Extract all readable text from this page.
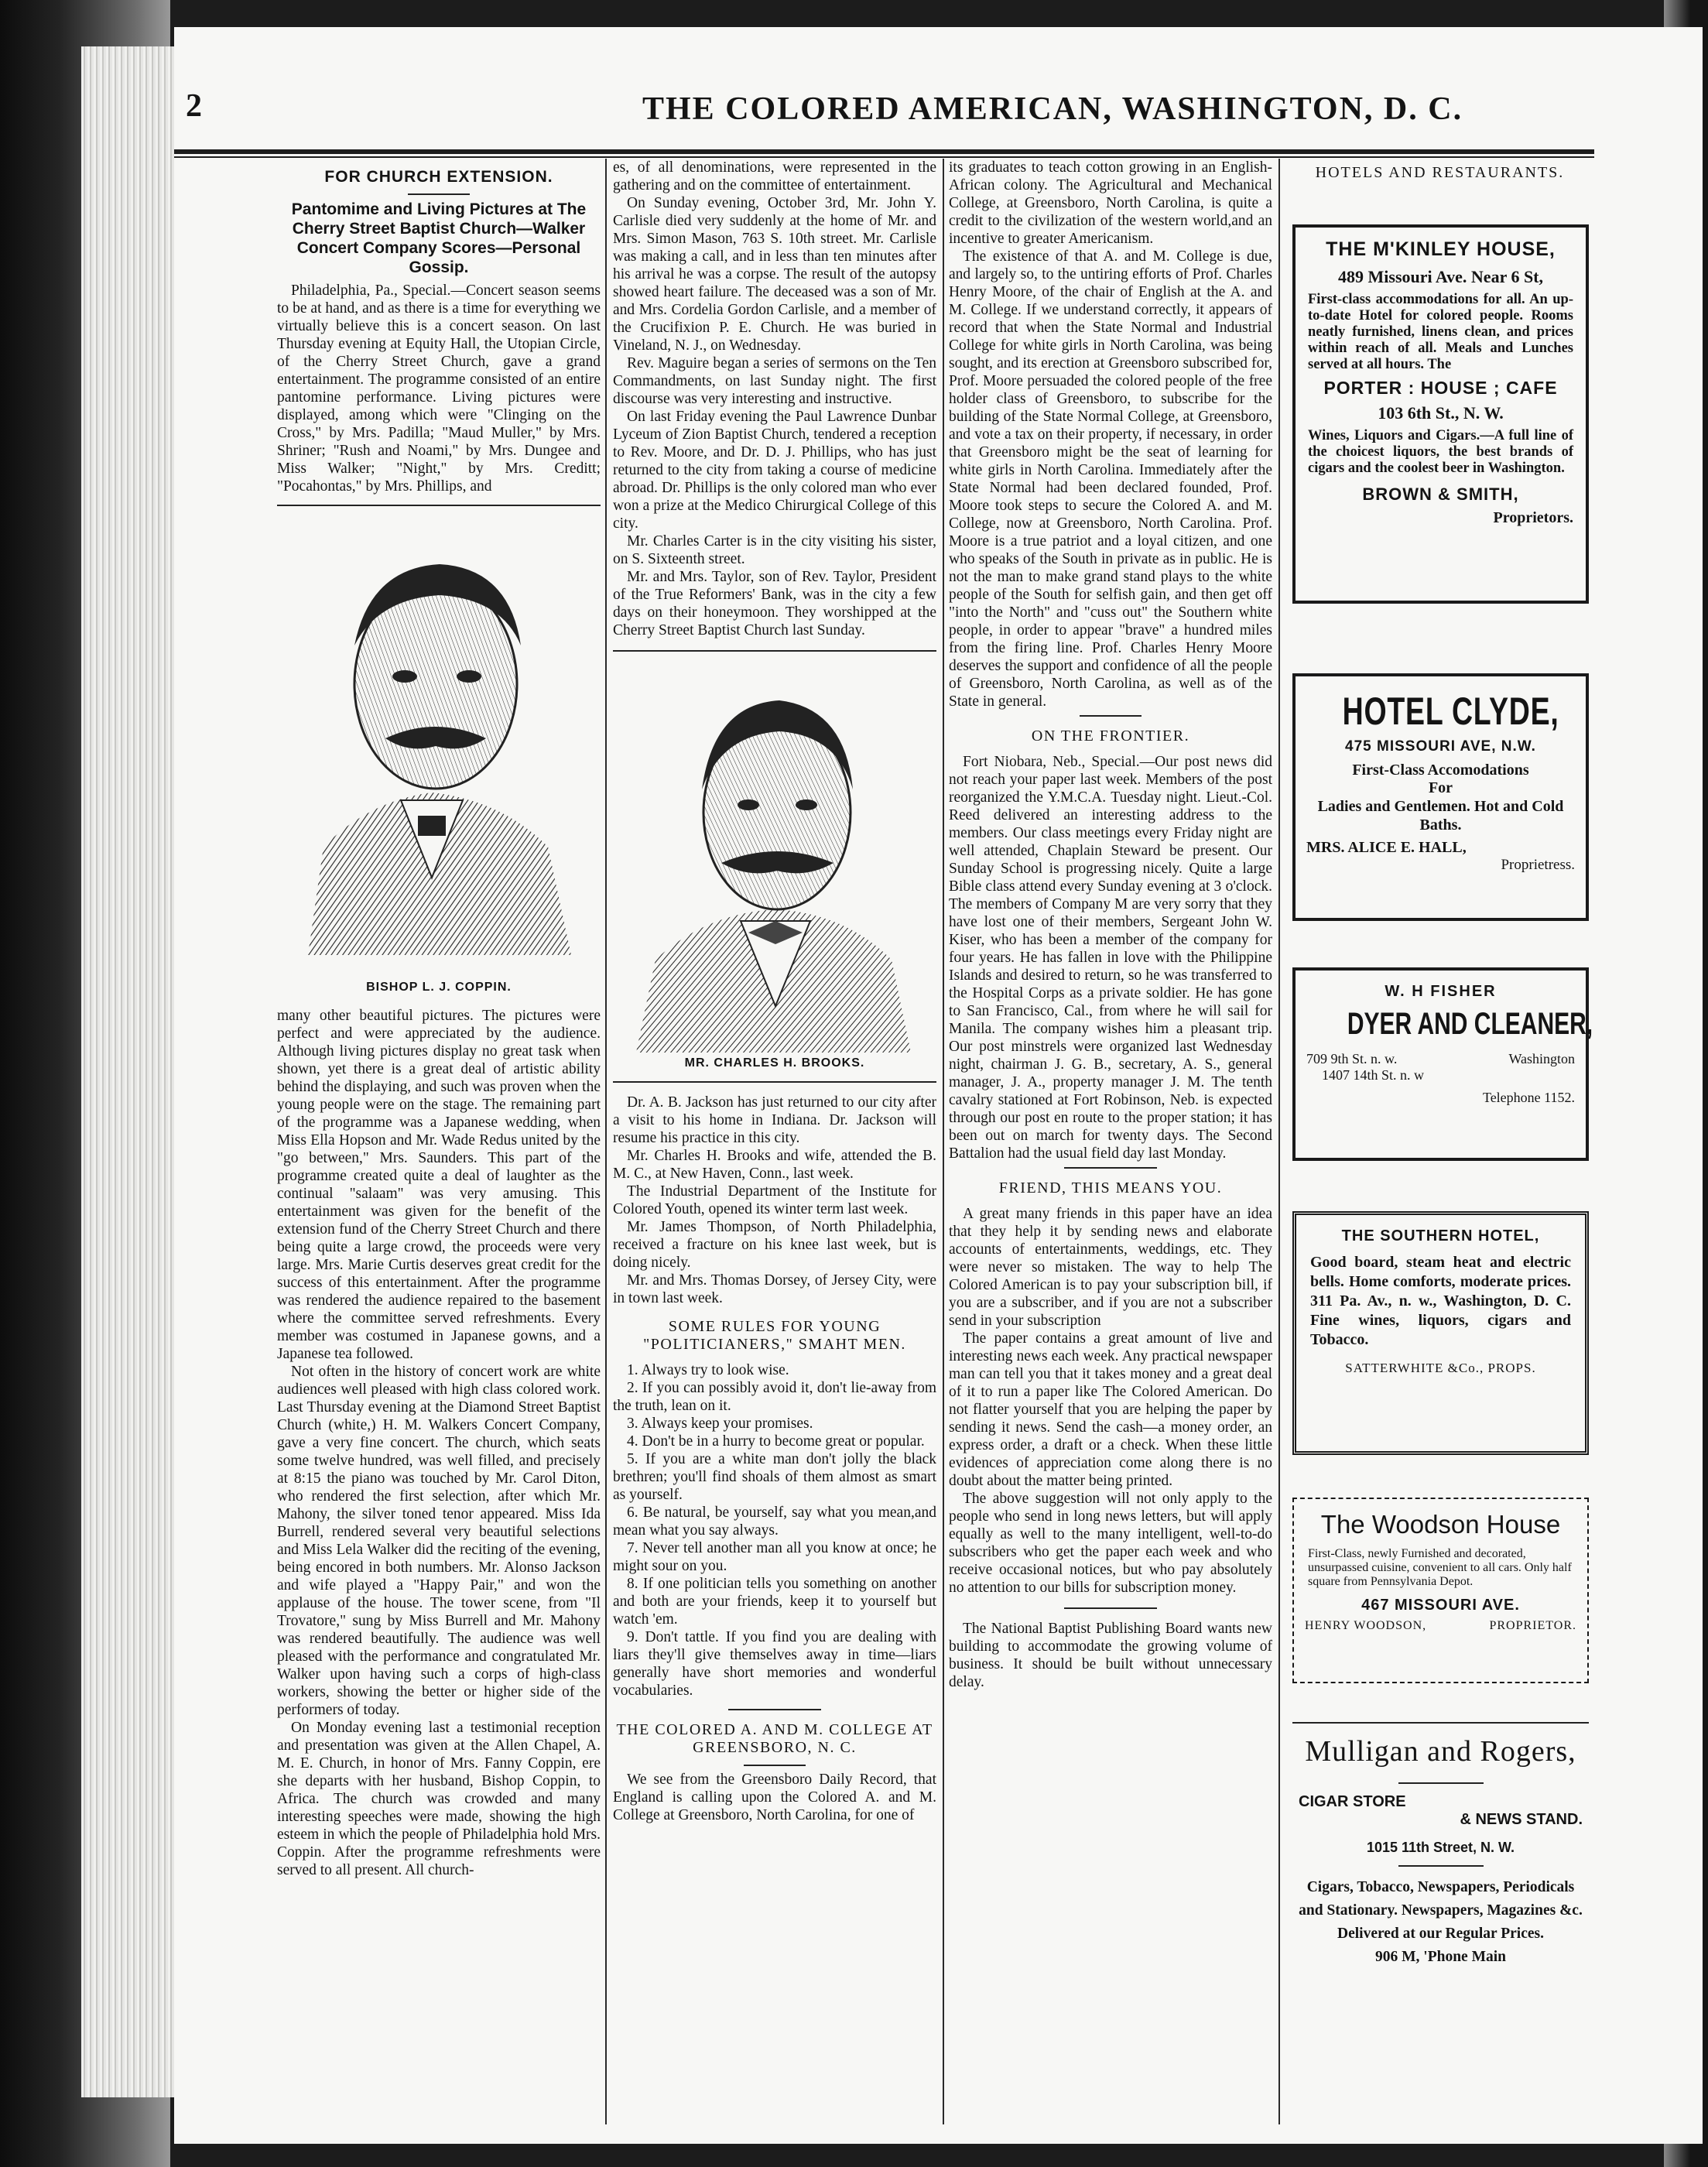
2	THE COLORED AMERICAN, WASHINGTON, D. C.
FOR CHURCH EXTENSION.
Pantomime and Living Pictures at The Cherry Street Baptist Church—Walker Concert Company Scores—Personal Gossip.

Philadelphia, Pa., Special.—Concert season seems to be at hand, and as there is a time for everything we virtually believe this is a concert season. On last Thursday evening at Equity Hall, the Utopian Circle, of the Cherry Street Church, gave a grand entertainment. The programme consisted of an entire pantomine performance. Living pictures were displayed, among which were "Clinging on the Cross," by Mrs. Padilla; "Maud Muller," by Mrs. Shriner; "Rush and Noami," by Mrs. Dungee and Miss Walker; "Night," by Mrs. Creditt; "Pocahontas," by Mrs. Phillips, and

BISHOP L. J. COPPIN.

many other beautiful pictures. The pictures were perfect and were appreciated by the audience. Although living pictures display no great task when shown, yet there is a great deal of artistic ability behind the displaying, and such was proven when the young people were on the stage. The remaining part of the programme was a Japanese wedding, when Miss Ella Hopson and Mr. Wade Redus united by the "go between," Mrs. Saunders. This part of the programme created quite a deal of laughter as the continual "salaam" was very amusing. This entertainment was given for the benefit of the extension fund of the Cherry Street Church and there being quite a large crowd, the proceeds were very large. Mrs. Marie Curtis deserves great credit for the success of this entertainment. After the programme was rendered the audience repaired to the basement where the committee served refreshments. Every member was costumed in Japanese gowns, and a Japanese tea followed.

Not often in the history of concert work are white audiences well pleased with high class colored work. Last Thursday evening at the Diamond Street Baptist Church (white,) H. M. Walkers Concert Company, gave a very fine concert. The church, which seats some twelve hundred, was well filled, and precisely at 8:15 the piano was touched by Mr. Carol Diton, who rendered the first selection, after which Mr. Mahony, the silver toned tenor appeared. Miss Ida Burrell, rendered several very beautiful selections and Miss Lela Walker did the reciting of the evening, being encored in both numbers. Mr. Alonso Jackson and wife played a "Happy Pair," and won the applause of the house. The tower scene, from "Il Trovatore," sung by Miss Burrell and Mr. Mahony was rendered beautifully. The audience was well pleased with the performance and congratulated Mr. Walker upon having such a corps of high-class workers, showing the better or higher side of the performers of today.

On Monday evening last a testimonial reception and presentation was given at the Allen Chapel, A. M. E. Church, in honor of Mrs. Fanny Coppin, ere she departs with her husband, Bishop Coppin, to Africa. The church was crowded and many interesting speeches were made, showing the high esteem in which the people of Philadelphia hold Mrs. Coppin. After the programme refreshments were served to all present. All church-

es, of all denominations, were represented in the gathering and on the committee of entertainment.

On Sunday evening, October 3rd, Mr. John Y. Carlisle died very suddenly at the home of Mr. and Mrs. Simon Mason, 763 S. 10th street. Mr. Carlisle was making a call, and in less than ten minutes after his arrival he was a corpse. The result of the autopsy showed heart failure. The deceased was a son of Mr. and Mrs. Cordelia Gordon Carlisle, and a member of the Crucifixion P. E. Church. He was buried in Vineland, N. J., on Wednesday.

Rev. Maguire began a series of sermons on the Ten Commandments, on last Sunday night. The first discourse was very interesting and instructive.

On last Friday evening the Paul Lawrence Dunbar Lyceum of Zion Baptist Church, tendered a reception to Rev. Moore, and Dr. D. J. Phillips, who has just returned to the city from taking a course of medicine abroad. Dr. Phillips is the only colored man who ever won a prize at the Medico Chirurgical College of this city.

Mr. Charles Carter is in the city visiting his sister, on S. Sixteenth street.

Mr. and Mrs. Taylor, son of Rev. Taylor, President of the True Reformers' Bank, was in the city a few days on their honeymoon. They worshipped at the Cherry Street Baptist Church last Sunday.

MR. CHARLES H. BROOKS.

Dr. A. B. Jackson has just returned to our city after a visit to his home in Indiana. Dr. Jackson will resume his practice in this city.

Mr. Charles H. Brooks and wife, attended the B. M. C., at New Haven, Conn., last week.

The Industrial Department of the Institute for Colored Youth, opened its winter term last week.

Mr. James Thompson, of North Philadelphia, received a fracture on his knee last week, but is doing nicely.

Mr. and Mrs. Thomas Dorsey, of Jersey City, were in town last week.

SOME RULES FOR YOUNG "POLITICIANERS," SMAHT MEN.

1. Always try to look wise.

2. If you can possibly avoid it, don't lie-away from the truth, lean on it.

3. Always keep your promises.

4. Don't be in a hurry to become great or popular.

5. If you are a white man don't jolly the black brethren; you'll find shoals of them almost as smart as yourself.

6. Be natural, be yourself, say what you mean,and mean what you say always.

7. Never tell another man all you know at once; he might sour on you.

8. If one politician tells you something on another and both are your friends, keep it to yourself but watch 'em.

9. Don't tattle. If you find you are dealing with liars they'll give themselves away in time—liars generally have short memories and wonderful vocabularies.

THE COLORED A. AND M. COLLEGE AT GREENSBORO, N. C.

We see from the Greensboro Daily Record, that England is calling upon the Colored A. and M. College at Greensboro, North Carolina, for one of

its graduates to teach cotton growing in an English-African colony. The Agricultural and Mechanical College, at Greensboro, North Carolina, is quite a credit to the civilization of the western world,and an incentive to greater Americanism.

The existence of that A. and M. College is due, and largely so, to the untiring efforts of Prof. Charles Henry Moore, of the chair of English at the A. and M. College. If we understand correctly, it appears of record that when the State Normal and Industrial College for white girls in North Carolina, was being sought, and its erection at Greensboro subscribed for, Prof. Moore persuaded the colored people of the free holder class of Greensboro, to subscribe for the building of the State Normal College, at Greensboro, and vote a tax on their property, if necessary, in order that Greensboro might be the seat of learning for white girls in North Carolina. Immediately after the State Normal had been declared founded, Prof. Moore took steps to secure the Colored A. and M. College, now at Greensboro, North Carolina. Prof. Moore is a true patriot and a loyal citizen, and one who speaks of the South in private as in public. He is not the man to make grand stand plays to the white people of the South for selfish gain, and then get off "into the North" and "cuss out" the Southern white people, in order to appear "brave" a hundred miles from the firing line. Prof. Charles Henry Moore deserves the support and confidence of all the people of Greensboro, North Carolina, as well as of the State in general.

ON THE FRONTIER.

Fort Niobara, Neb., Special.—Our post news did not reach your paper last week. Members of the post reorganized the Y.M.C.A. Tuesday night. Lieut.-Col. Reed delivered an interesting address to the members. Our class meetings every Friday night are well attended, Chaplain Steward be present. Our Sunday School is progressing nicely. Quite a large Bible class attend every Sunday evening at 3 o'clock. The members of Company M are very sorry that they have lost one of their members, Sergeant John W. Kiser, who has been a member of the company for four years. He has fallen in love with the Philippine Islands and desired to return, so he was transferred to the Hospital Corps as a private soldier. He has gone to San Francisco, Cal., from where he will sail for Manila. The company wishes him a pleasant trip. Our post minstrels were organized last Wednesday night, chairman J. G. B., secretary, A. S., general manager, J. A., property manager J. M. The tenth cavalry stationed at Fort Robinson, Neb. is expected through our post en route to the proper station; it has been out on march for twenty days. The Second Battalion had the usual field day last Monday.

FRIEND, THIS MEANS YOU.

A great many friends in this paper have an idea that they help it by sending news and elaborate accounts of entertainments, weddings, etc. They were never so mistaken. The way to help The Colored American is to pay your subscription bill, if you are a subscriber, and if you are not a subscriber send in your subscription

The paper contains a great amount of live and interesting news each week. Any practical newspaper man can tell you that it takes money and a great deal of it to run a paper like The Colored American. Do not flatter yourself that you are helping the paper by sending it news. Send the cash—a money order, an express order, a draft or a check. When these little evidences of appreciation come along there is no doubt about the matter being printed.

The above suggestion will not only apply to the people who send in long news letters, but will apply equally as well to the many intelligent, well-to-do subscribers who get the paper each week and who receive occasional notices, but who pay absolutely no attention to our bills for subscription money.

The National Baptist Publishing Board wants new building to accommodate the growing volume of business. It should be built without unnecessary delay.

HOTELS AND RESTAURANTS.
THE M'KINLEY HOUSE,
489 Missouri Ave. Near 6 St,
First-class accommodations for all. An up-to-date Hotel for colored people. Rooms neatly furnished, linens clean, and prices within reach of all. Meals and Lunches served at all hours. The
PORTER : HOUSE ; CAFE
103 6th St., N. W.
Wines, Liquors and Cigars.—A full line of the choicest liquors, the best brands of cigars and the coolest beer in Washington.
BROWN & SMITH,
Proprietors.
HOTEL CLYDE,
475 MISSOURI AVE, N.W.
First-Class Accomodations
For
Ladies and Gentlemen. Hot and Cold Baths.
MRS. ALICE E. HALL,
Proprietress.
W. H FISHER
DYER AND CLEANER,
709 9th St. n. w.	Washington
1407 14th St. n. w
Telephone 1152.
THE SOUTHERN HOTEL,
Good board, steam heat and electric bells. Home comforts, moderate prices. 311 Pa. Av., n. w., Washington, D. C. Fine wines, liquors, cigars and Tobacco.
SATTERWHITE &Co., PROPS.
The Woodson House
First-Class, newly Furnished and decorated, unsurpassed cuisine, convenient to all cars. Only half square from Pennsylvania Depot.
467 MISSOURI AVE.
HENRY WOODSON,	PROPRIETOR.
Mulligan and Rogers,
CIGAR STORE
& NEWS STAND.
1015 11th Street, N. W.
Cigars, Tobacco, Newspapers, Periodicals and Stationary. Newspapers, Magazines &c. Delivered at our Regular Prices.
906 M, 'Phone Main
